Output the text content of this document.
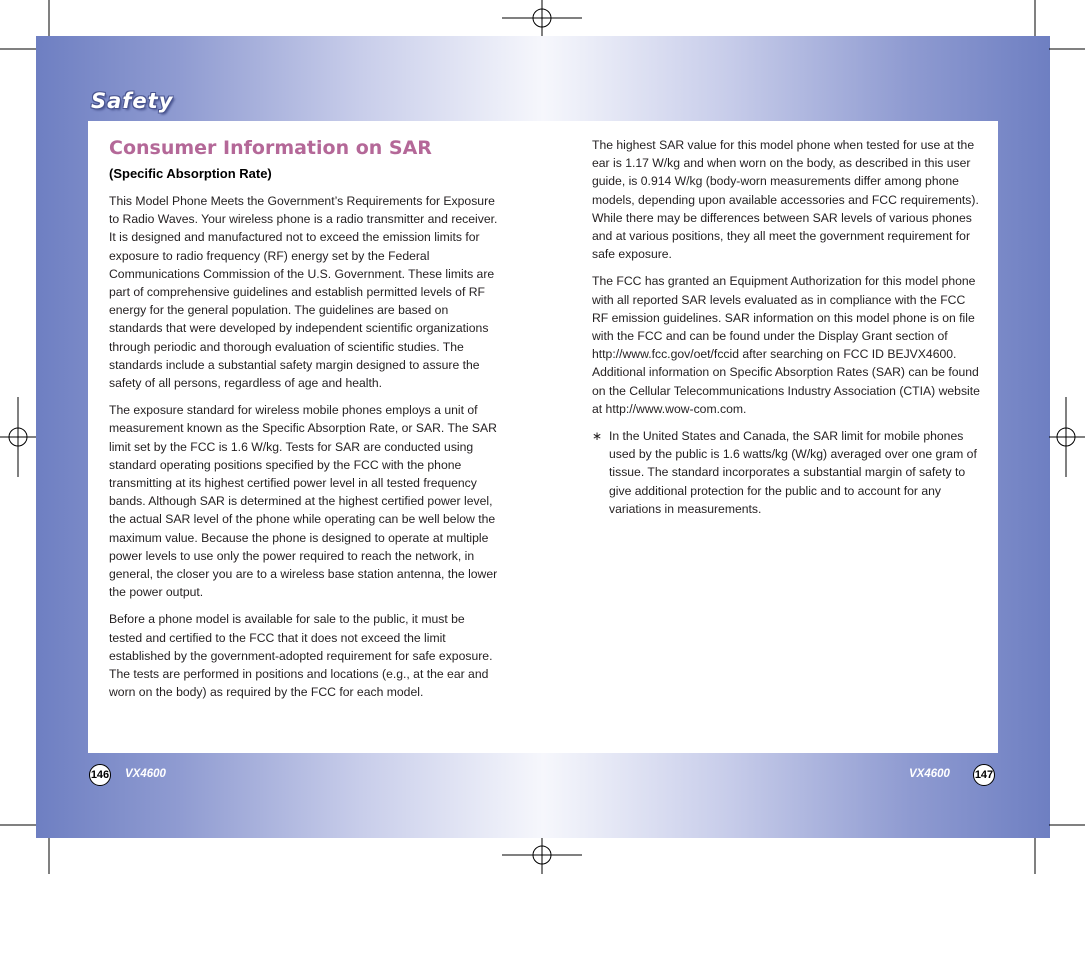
Safety
Consumer Information on SAR
(Specific Absorption Rate)

This Model Phone Meets the Government’s Requirements for Exposure to Radio Waves. Your wireless phone is a radio transmitter and receiver. It is designed and manufactured not to exceed the emission limits for exposure to radio frequency (RF) energy set by the Federal Communications Commission of the U.S. Government. These limits are part of comprehensive guidelines and establish permitted levels of RF energy for the general population. The guidelines are based on standards that were developed by independent scientific organizations through periodic and thorough evaluation of scientific studies. The standards include a substantial safety margin designed to assure the safety of all persons, regardless of age and health.

The exposure standard for wireless mobile phones employs a unit of measurement known as the Specific Absorption Rate, or SAR. The SAR limit set by the FCC is 1.6 W/kg. Tests for SAR are conducted using standard operating positions specified by the FCC with the phone transmitting at its highest certified power level in all tested frequency bands. Although SAR is determined at the highest certified power level, the actual SAR level of the phone while operating can be well below the maximum value. Because the phone is designed to operate at multiple power levels to use only the power required to reach the network, in general, the closer you are to a wireless base station antenna, the lower the power output.

Before a phone model is available for sale to the public, it must be tested and certified to the FCC that it does not exceed the limit established by the government-adopted requirement for safe exposure. The tests are performed in positions and locations (e.g., at the ear and worn on the body) as required by the FCC for each model.

The highest SAR value for this model phone when tested for use at the ear is 1.17 W/kg and when worn on the body, as described in this user guide, is 0.914 W/kg (body-worn measurements differ among phone models, depending upon available accessories and FCC requirements). While there may be differences between SAR levels of various phones and at various positions, they all meet the government requirement for safe exposure.

The FCC has granted an Equipment Authorization for this model phone with all reported SAR levels evaluated as in compliance with the FCC RF emission guidelines. SAR information on this model phone is on file with the FCC and can be found under the Display Grant section of http://www.fcc.gov/oet/fccid after searching on FCC ID BEJVX4600. Additional information on Specific Absorption Rates (SAR) can be found on the Cellular Telecommunications Industry Association (CTIA) website at http://www.wow-com.com.

∗ In the United States and Canada, the SAR limit for mobile phones used by the public is 1.6 watts/kg (W/kg) averaged over one gram of tissue. The standard incorporates a substantial margin of safety to give additional protection for the public and to account for any variations in measurements.
146 VX4600	VX4600 147
